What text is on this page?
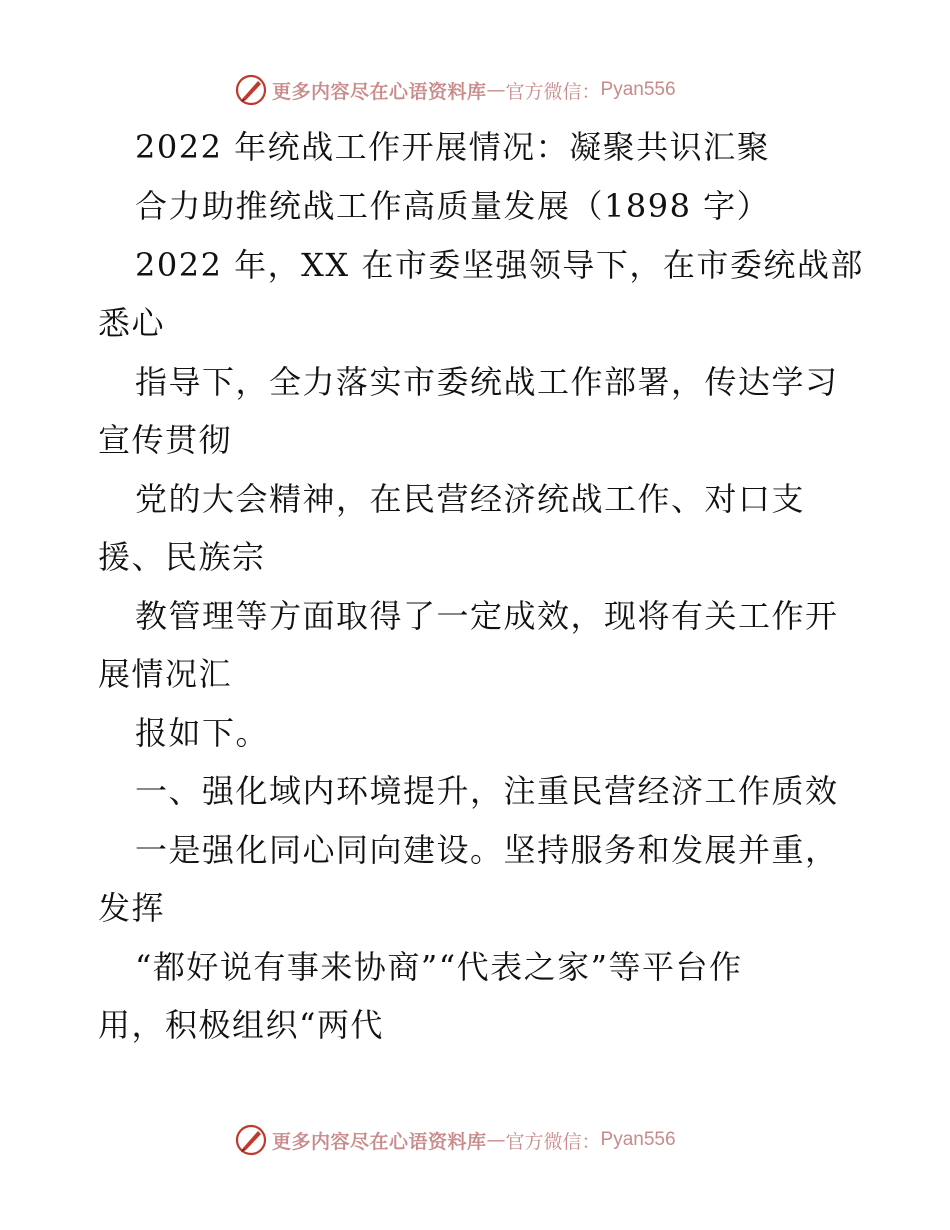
更多内容尽在心语资料库 — 官方微信： Pyan556
2022 年统战工作开展情况：凝聚共识汇聚
合力助推统战工作高质量发展（1898 字）
2022 年，XX 在市委坚强领导下，在市委统战部
悉心
指导下，全力落实市委统战工作部署，传达学习
宣传贯彻
党的大会精神，在民营经济统战工作、对口支
援、民族宗
教管理等方面取得了一定成效，现将有关工作开
展情况汇
报如下。
一、强化域内环境提升，注重民营经济工作质效
一是强化同心同向建设。坚持服务和发展并重，
发挥
“都好说有事来协商”“代表之家”等平台作
用，积极组织“两代
更多内容尽在心语资料库 — 官方微信： Pyan556
